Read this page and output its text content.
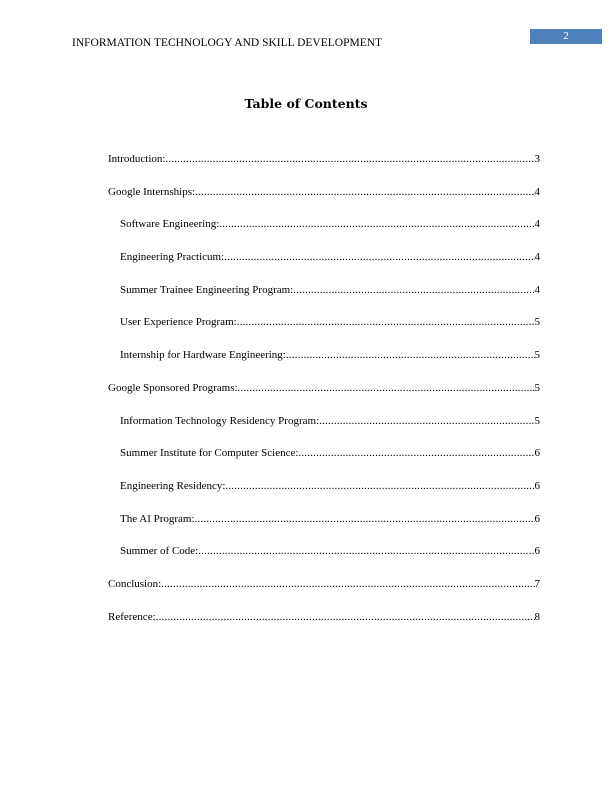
2
INFORMATION TECHNOLOGY AND SKILL DEVELOPMENT
Table of Contents
Introduction: .....	3
Google Internships: .....	4
Software Engineering: .....	4
Engineering Practicum: .....	4
Summer Trainee Engineering Program: .....	4
User Experience Program: .....	5
Internship for Hardware Engineering: .....	5
Google Sponsored Programs: .....	5
Information Technology Residency Program: .....	5
Summer Institute for Computer Science: .....	6
Engineering Residency: .....	6
The AI Program: .....	6
Summer of Code: .....	6
Conclusion: .....	7
Reference: .....	8
